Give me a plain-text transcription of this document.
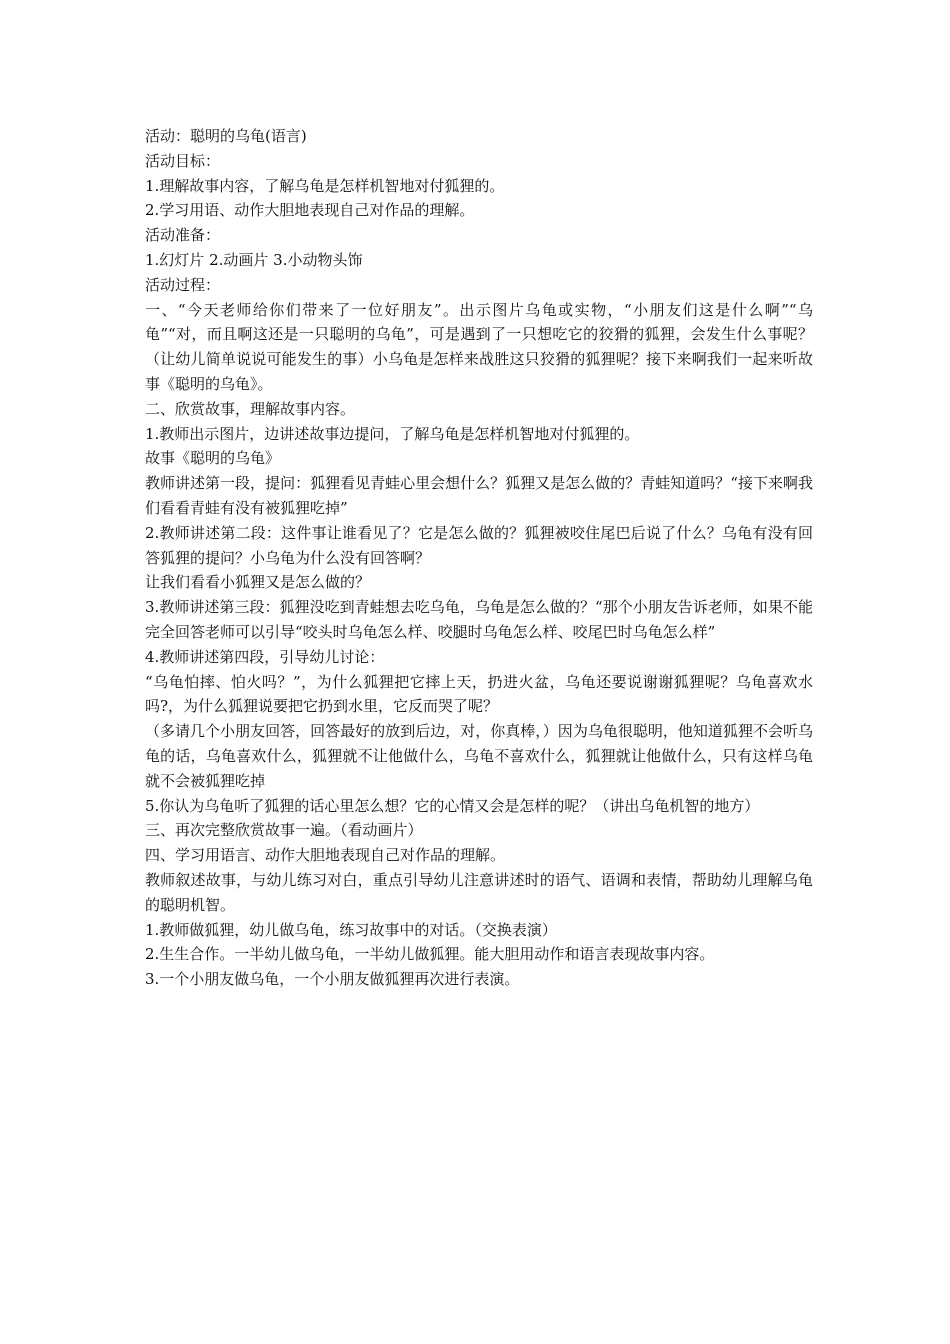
活动：聪明的乌龟(语言)

活动目标：

1.理解故事内容，了解乌龟是怎样机智地对付狐狸的。

2.学习用语、动作大胆地表现自己对作品的理解。

活动准备：

1.幻灯片 2.动画片 3.小动物头饰

活动过程：

一、“今天老师给你们带来了一位好朋友”。出示图片乌龟或实物，“小朋友们这是什么啊”“乌龟”“对，而且啊这还是一只聪明的乌龟”，可是遇到了一只想吃它的狡猾的狐狸，会发生什么事呢？（让幼儿简单说说可能发生的事）小乌龟是怎样来战胜这只狡猾的狐狸呢？接下来啊我们一起来听故事《聪明的乌龟》。

二、欣赏故事，理解故事内容。

1.教师出示图片，边讲述故事边提问，了解乌龟是怎样机智地对付狐狸的。

故事《聪明的乌龟》

教师讲述第一段，提问：狐狸看见青蛙心里会想什么？狐狸又是怎么做的？青蛙知道吗？“接下来啊我们看看青蛙有没有被狐狸吃掉”

2.教师讲述第二段：这件事让谁看见了？它是怎么做的？狐狸被咬住尾巴后说了什么？乌龟有没有回答狐狸的提问？小乌龟为什么没有回答啊？

让我们看看小狐狸又是怎么做的？

3.教师讲述第三段：狐狸没吃到青蛙想去吃乌龟，乌龟是怎么做的？“那个小朋友告诉老师，如果不能完全回答老师可以引导“咬头时乌龟怎么样、咬腿时乌龟怎么样、咬尾巴时乌龟怎么样”

4.教师讲述第四段，引导幼儿讨论：

“乌龟怕摔、怕火吗？”，为什么狐狸把它摔上天，扔进火盆，乌龟还要说谢谢狐狸呢？乌龟喜欢水吗?，为什么狐狸说要把它扔到水里，它反而哭了呢？

（多请几个小朋友回答，回答最好的放到后边，对，你真棒，）因为乌龟很聪明，他知道狐狸不会听乌龟的话，乌龟喜欢什么，狐狸就不让他做什么，乌龟不喜欢什么，狐狸就让他做什么，只有这样乌龟就不会被狐狸吃掉

5.你认为乌龟听了狐狸的话心里怎么想？它的心情又会是怎样的呢？（讲出乌龟机智的地方）

三、再次完整欣赏故事一遍。（看动画片）

四、学习用语言、动作大胆地表现自己对作品的理解。

教师叙述故事，与幼儿练习对白，重点引导幼儿注意讲述时的语气、语调和表情，帮助幼儿理解乌龟的聪明机智。

1.教师做狐狸，幼儿做乌龟，练习故事中的对话。（交换表演）

2.生生合作。一半幼儿做乌龟，一半幼儿做狐狸。能大胆用动作和语言表现故事内容。

3.一个小朋友做乌龟，一个小朋友做狐狸再次进行表演。
